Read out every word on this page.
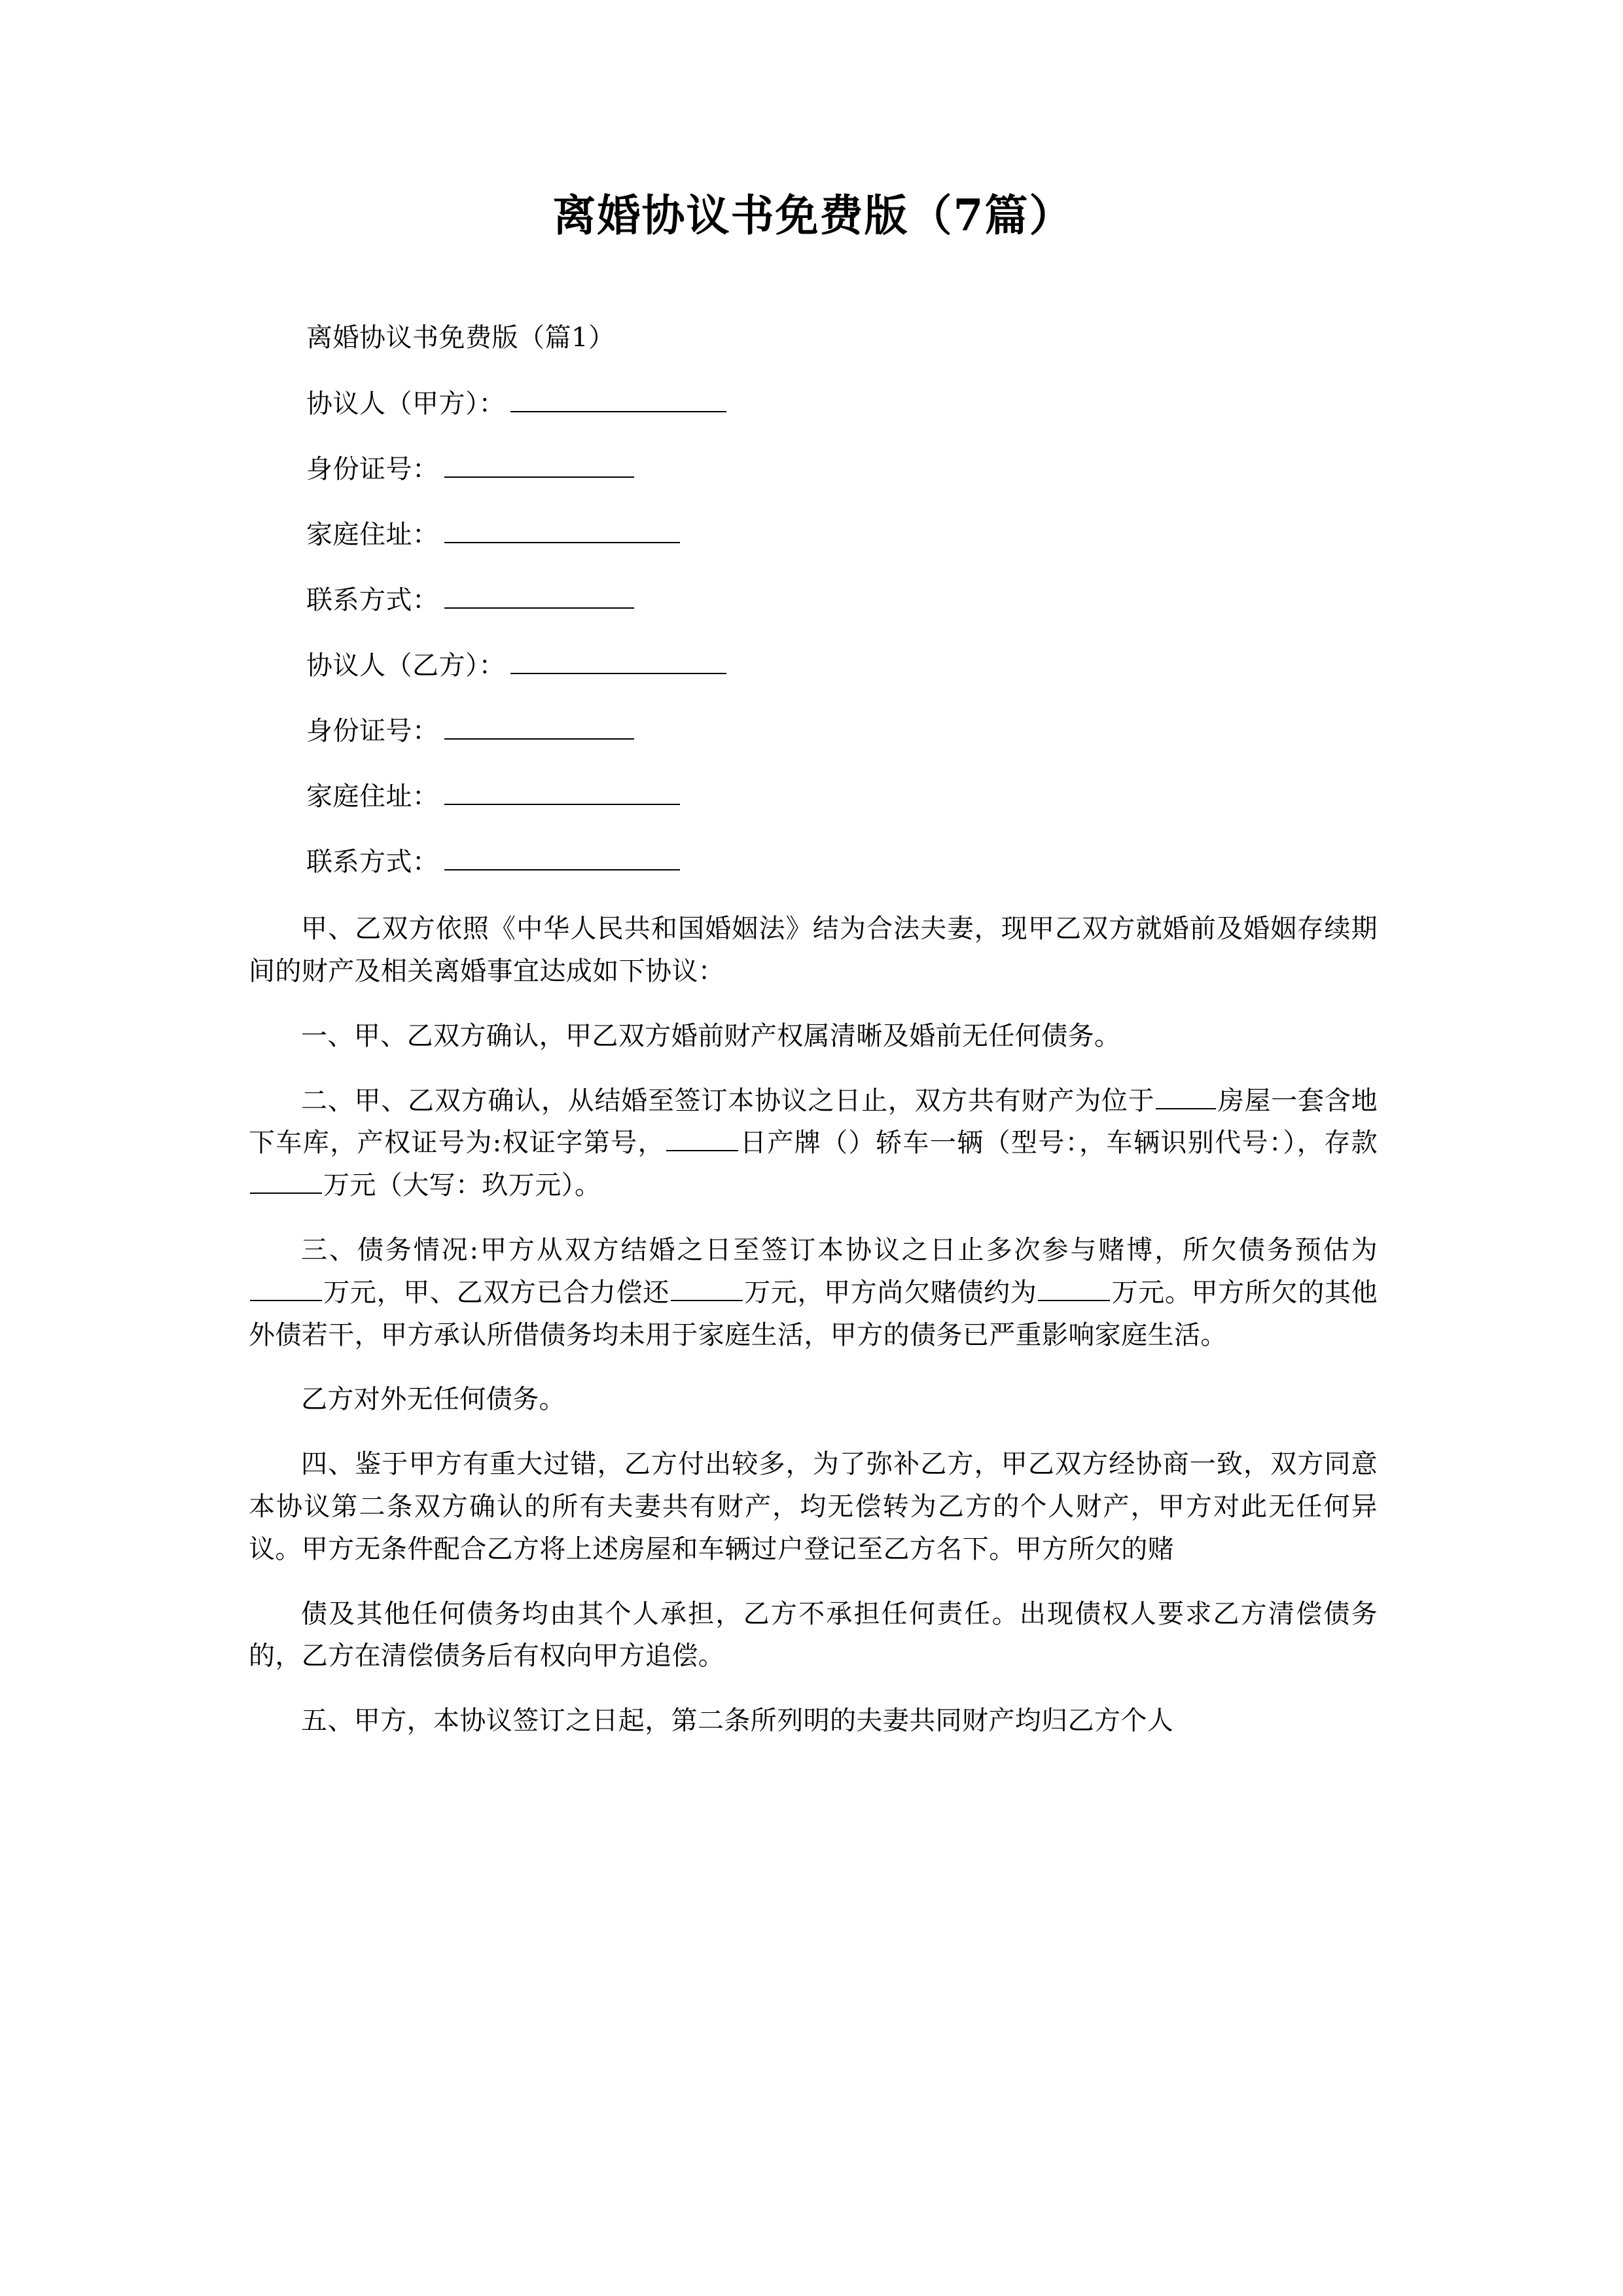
离婚协议书免费版（7篇）
离婚协议书免费版（篇1）
协议人（甲方）：
身份证号：
家庭住址：
联系方式：
协议人（乙方）：
身份证号：
家庭住址：
联系方式：

甲、乙双方依照《中华人民共和国婚姻法》结为合法夫妻，现甲乙双方就婚前及婚姻存续期间的财产及相关离婚事宜达成如下协议：

一、甲、乙双方确认，甲乙双方婚前财产权属清晰及婚前无任何债务。

二、甲、乙双方确认，从结婚至签订本协议之日止，双方共有财产为位于 房屋一套含地下车库，产权证号为:权证字第号，	日产牌（）轿车一辆（型号：，车辆识别代号：），存款万元（大写：玖万元）。

三、债务情况:甲方从双方结婚之日至签订本协议之日止多次参与赌博，所欠债务预估为万元，甲、乙双方已合力偿还	万元，甲方尚欠赌债约为	万元。甲方所欠的其他外债若干，甲方承认所借债务均未用于家庭生活，甲方的债务已严重影响家庭生活。

乙方对外无任何债务。

四、鉴于甲方有重大过错，乙方付出较多，为了弥补乙方，甲乙双方经协商一致，双方同意本协议第二条双方确认的所有夫妻共有财产，均无偿转为乙方的个人财产，甲方对此无任何异议。甲方无条件配合乙方将上述房屋和车辆过户登记至乙方名下。甲方所欠的赌

债及其他任何债务均由其个人承担，乙方不承担任何责任。出现债权人要求乙方清偿债务的，乙方在清偿债务后有权向甲方追偿。

五、甲方，本协议签订之日起，第二条所列明的夫妻共同财产均归乙方个人
